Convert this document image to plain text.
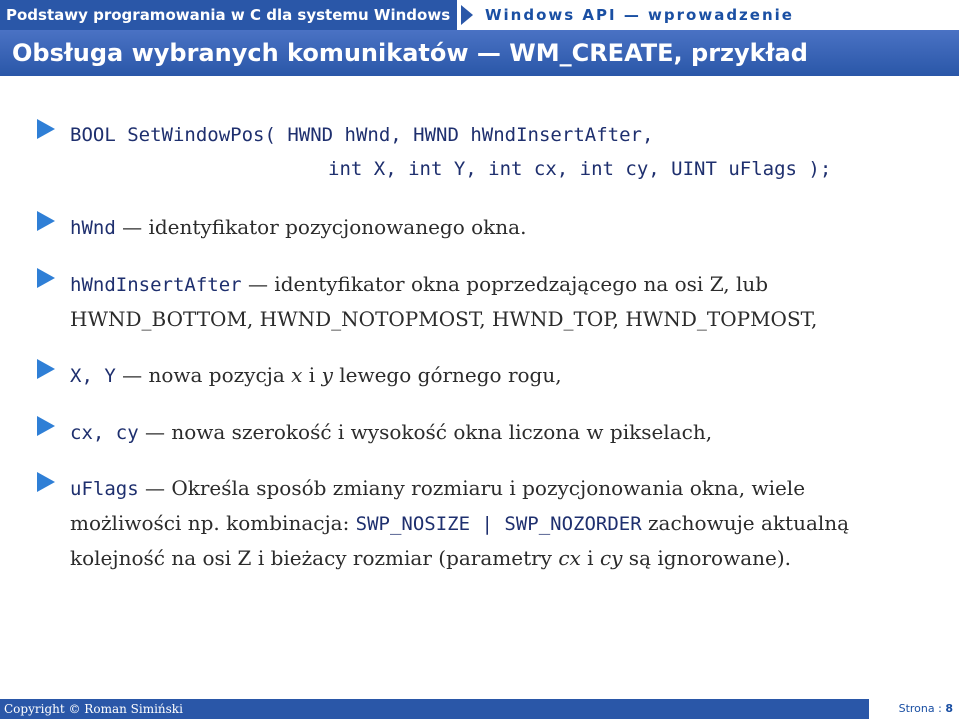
Podstawy programowania w C dla systemu Windows	Windows API — wprowadzenie
Obsługa wybranych komunikatów — WM_CREATE, przykład
BOOL SetWindowPos( HWND hWnd, HWND hWndInsertAfter,
int X, int Y, int cx, int cy, UINT uFlags );
hWnd — identyfikator pozycjonowanego okna.
hWndInsertAfter — identyfikator okna poprzedzającego na osi Z, lub
HWND_BOTTOM, HWND_NOTOPMOST, HWND_TOP, HWND_TOPMOST,
X, Y — nowa pozycja x i y lewego górnego rogu,
cx, cy — nowa szerokość i wysokość okna liczona w pikselach,
uFlags — Określa sposób zmiany rozmiaru i pozycjonowania okna, wiele
możliwości np. kombinacja: SWP_NOSIZE | SWP_NOZORDER zachowuje aktualną
kolejność na osi Z i bieżacy rozmiar (parametry cx i cy są ignorowane).
Copyright © Roman Simiński	Strona : 8
